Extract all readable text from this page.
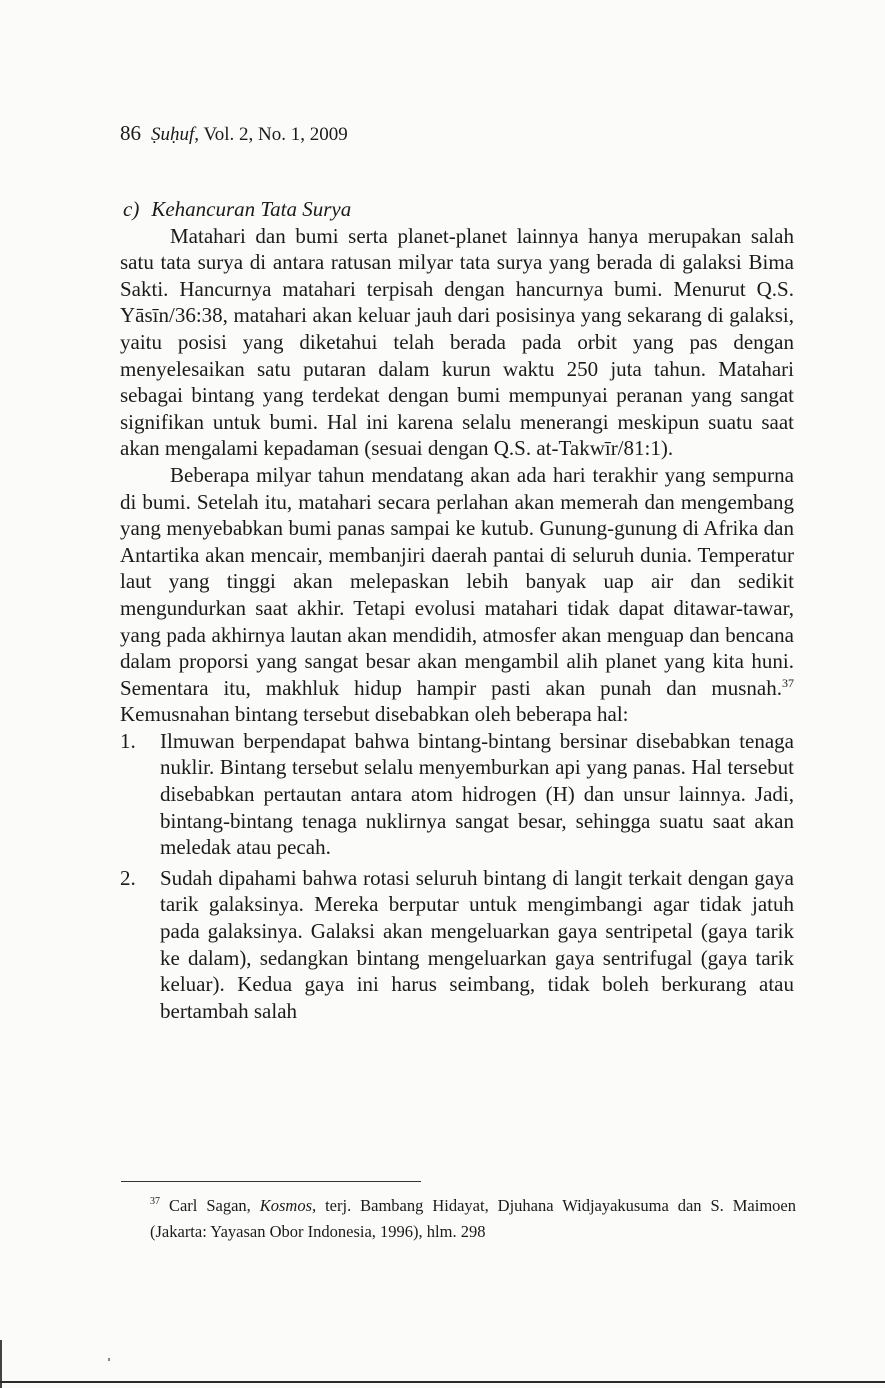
86 Ṣuḥuf, Vol. 2, No. 1, 2009
c) Kehancuran Tata Surya

Matahari dan bumi serta planet-planet lainnya hanya merupakan salah satu tata surya di antara ratusan milyar tata surya yang berada di galaksi Bima Sakti. Hancurnya matahari terpisah dengan hancurnya bumi. Menurut Q.S. Yāsīn/36:38, matahari akan keluar jauh dari posisinya yang sekarang di galaksi, yaitu posisi yang diketahui telah berada pada orbit yang pas dengan menyelesaikan satu putaran dalam kurun waktu 250 juta tahun. Matahari sebagai bintang yang terdekat dengan bumi mempunyai peranan yang sangat signifikan untuk bumi. Hal ini karena selalu menerangi meskipun suatu saat akan mengalami kepadaman (sesuai dengan Q.S. at-Takwīr/81:1).

Beberapa milyar tahun mendatang akan ada hari terakhir yang sempurna di bumi. Setelah itu, matahari secara perlahan akan memerah dan mengembang yang menyebabkan bumi panas sampai ke kutub. Gunung-gunung di Afrika dan Antartika akan mencair, membanjiri daerah pantai di seluruh dunia. Temperatur laut yang tinggi akan melepaskan lebih banyak uap air dan sedikit mengundurkan saat akhir. Tetapi evolusi matahari tidak dapat ditawar-tawar, yang pada akhirnya lautan akan mendidih, atmosfer akan menguap dan bencana dalam proporsi yang sangat besar akan mengambil alih planet yang kita huni. Sementara itu, makhluk hidup hampir pasti akan punah dan musnah.$^{37}$ Kemusnahan bintang tersebut disebabkan oleh beberapa hal:

1. Ilmuwan berpendapat bahwa bintang-bintang bersinar disebabkan tenaga nuklir. Bintang tersebut selalu menyemburkan api yang panas. Hal tersebut disebabkan pertautan antara atom hidrogen (H) dan unsur lainnya. Jadi, bintang-bintang tenaga nuklirnya sangat besar, sehingga suatu saat akan meledak atau pecah.
2. Sudah dipahami bahwa rotasi seluruh bintang di langit terkait dengan gaya tarik galaksinya. Mereka berputar untuk mengimbangi agar tidak jatuh pada galaksinya. Galaksi akan mengeluarkan gaya sentripetal (gaya tarik ke dalam), sedangkan bintang mengeluarkan gaya sentrifugal (gaya tarik keluar). Kedua gaya ini harus seimbang, tidak boleh berkurang atau bertambah salah
$^{37}$ Carl Sagan, Kosmos, terj. Bambang Hidayat, Djuhana Widjayakusuma dan S. Maimoen (Jakarta: Yayasan Obor Indonesia, 1996), hlm. 298
